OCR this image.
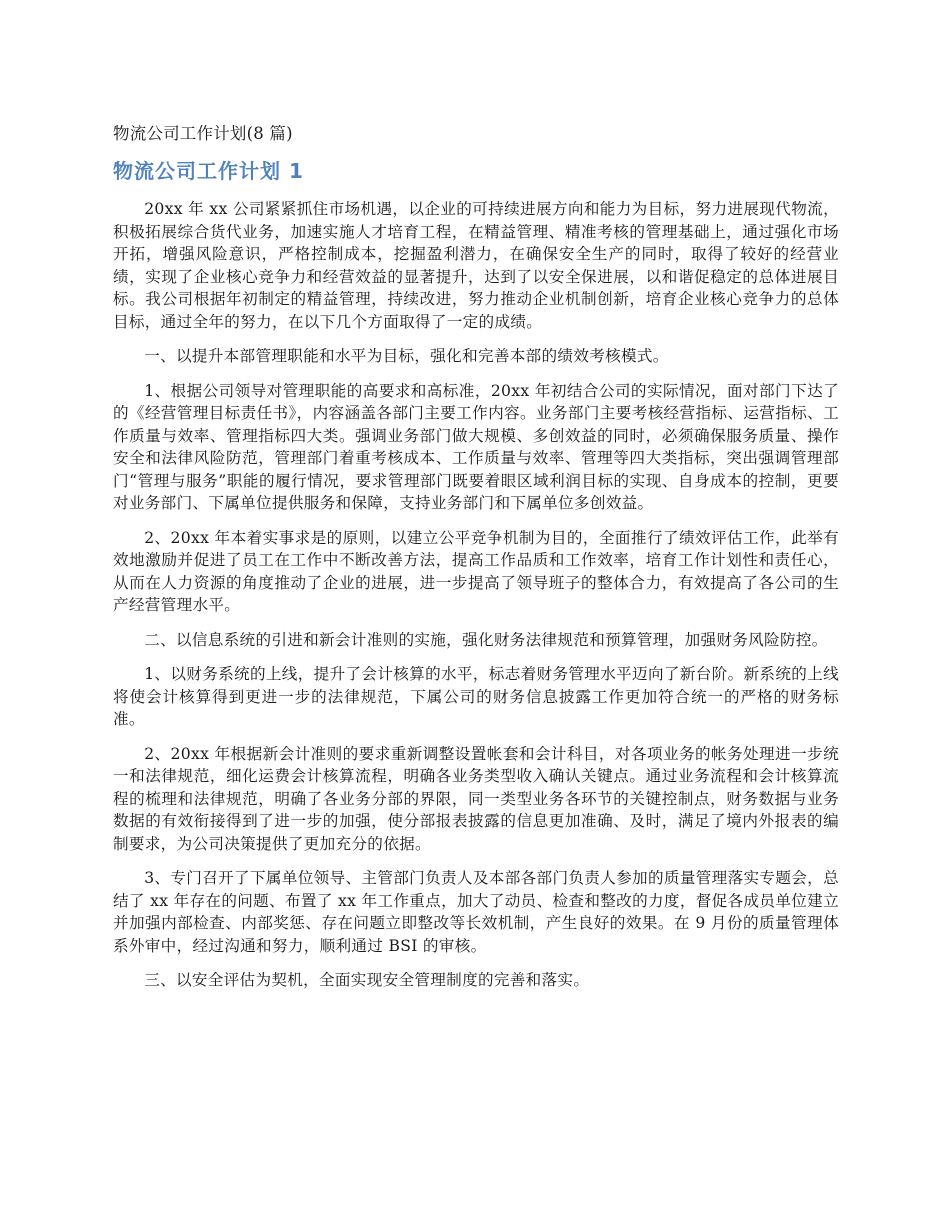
物流公司工作计划(8 篇)
物流公司工作计划 1

20xx 年 xx 公司紧紧抓住市场机遇，以企业的可持续进展方向和能力为目标，努力进展现代物流，积极拓展综合货代业务，加速实施人才培育工程，在精益管理、精准考核的管理基础上，通过强化市场开拓，增强风险意识，严格控制成本，挖掘盈利潜力，在确保安全生产的同时，取得了较好的经营业绩，实现了企业核心竞争力和经营效益的显著提升，达到了以安全保进展，以和谐促稳定的总体进展目标。我公司根据年初制定的精益管理，持续改进，努力推动企业机制创新，培育企业核心竞争力的总体目标，通过全年的努力，在以下几个方面取得了一定的成绩。

一、以提升本部管理职能和水平为目标，强化和完善本部的绩效考核模式。

1、根据公司领导对管理职能的高要求和高标准，20xx 年初结合公司的实际情况，面对部门下达了的《经营管理目标责任书》，内容涵盖各部门主要工作内容。业务部门主要考核经营指标、运营指标、工作质量与效率、管理指标四大类。强调业务部门做大规模、多创效益的同时，必须确保服务质量、操作安全和法律风险防范，管理部门着重考核成本、工作质量与效率、管理等四大类指标，突出强调管理部门“管理与服务”职能的履行情况，要求管理部门既要着眼区域利润目标的实现、自身成本的控制，更要对业务部门、下属单位提供服务和保障，支持业务部门和下属单位多创效益。

2、20xx 年本着实事求是的原则，以建立公平竞争机制为目的，全面推行了绩效评估工作，此举有效地激励并促进了员工在工作中不断改善方法，提高工作品质和工作效率，培育工作计划性和责任心，从而在人力资源的角度推动了企业的进展，进一步提高了领导班子的整体合力，有效提高了各公司的生产经营管理水平。

二、以信息系统的引进和新会计准则的实施，强化财务法律规范和预算管理，加强财务风险防控。

1、以财务系统的上线，提升了会计核算的水平，标志着财务管理水平迈向了新台阶。新系统的上线将使会计核算得到更进一步的法律规范，下属公司的财务信息披露工作更加符合统一的严格的财务标准。

2、20xx 年根据新会计准则的要求重新调整设置帐套和会计科目，对各项业务的帐务处理进一步统一和法律规范，细化运费会计核算流程，明确各业务类型收入确认关键点。通过业务流程和会计核算流程的梳理和法律规范，明确了各业务分部的界限，同一类型业务各环节的关键控制点，财务数据与业务数据的有效衔接得到了进一步的加强，使分部报表披露的信息更加准确、及时，满足了境内外报表的编制要求，为公司决策提供了更加充分的依据。

3、专门召开了下属单位领导、主管部门负责人及本部各部门负责人参加的质量管理落实专题会，总结了 xx 年存在的问题、布置了 xx 年工作重点，加大了动员、检查和整改的力度，督促各成员单位建立并加强内部检查、内部奖惩、存在问题立即整改等长效机制，产生良好的效果。在 9 月份的质量管理体系外审中，经过沟通和努力，顺利通过 BSI 的审核。

三、以安全评估为契机，全面实现安全管理制度的完善和落实。
